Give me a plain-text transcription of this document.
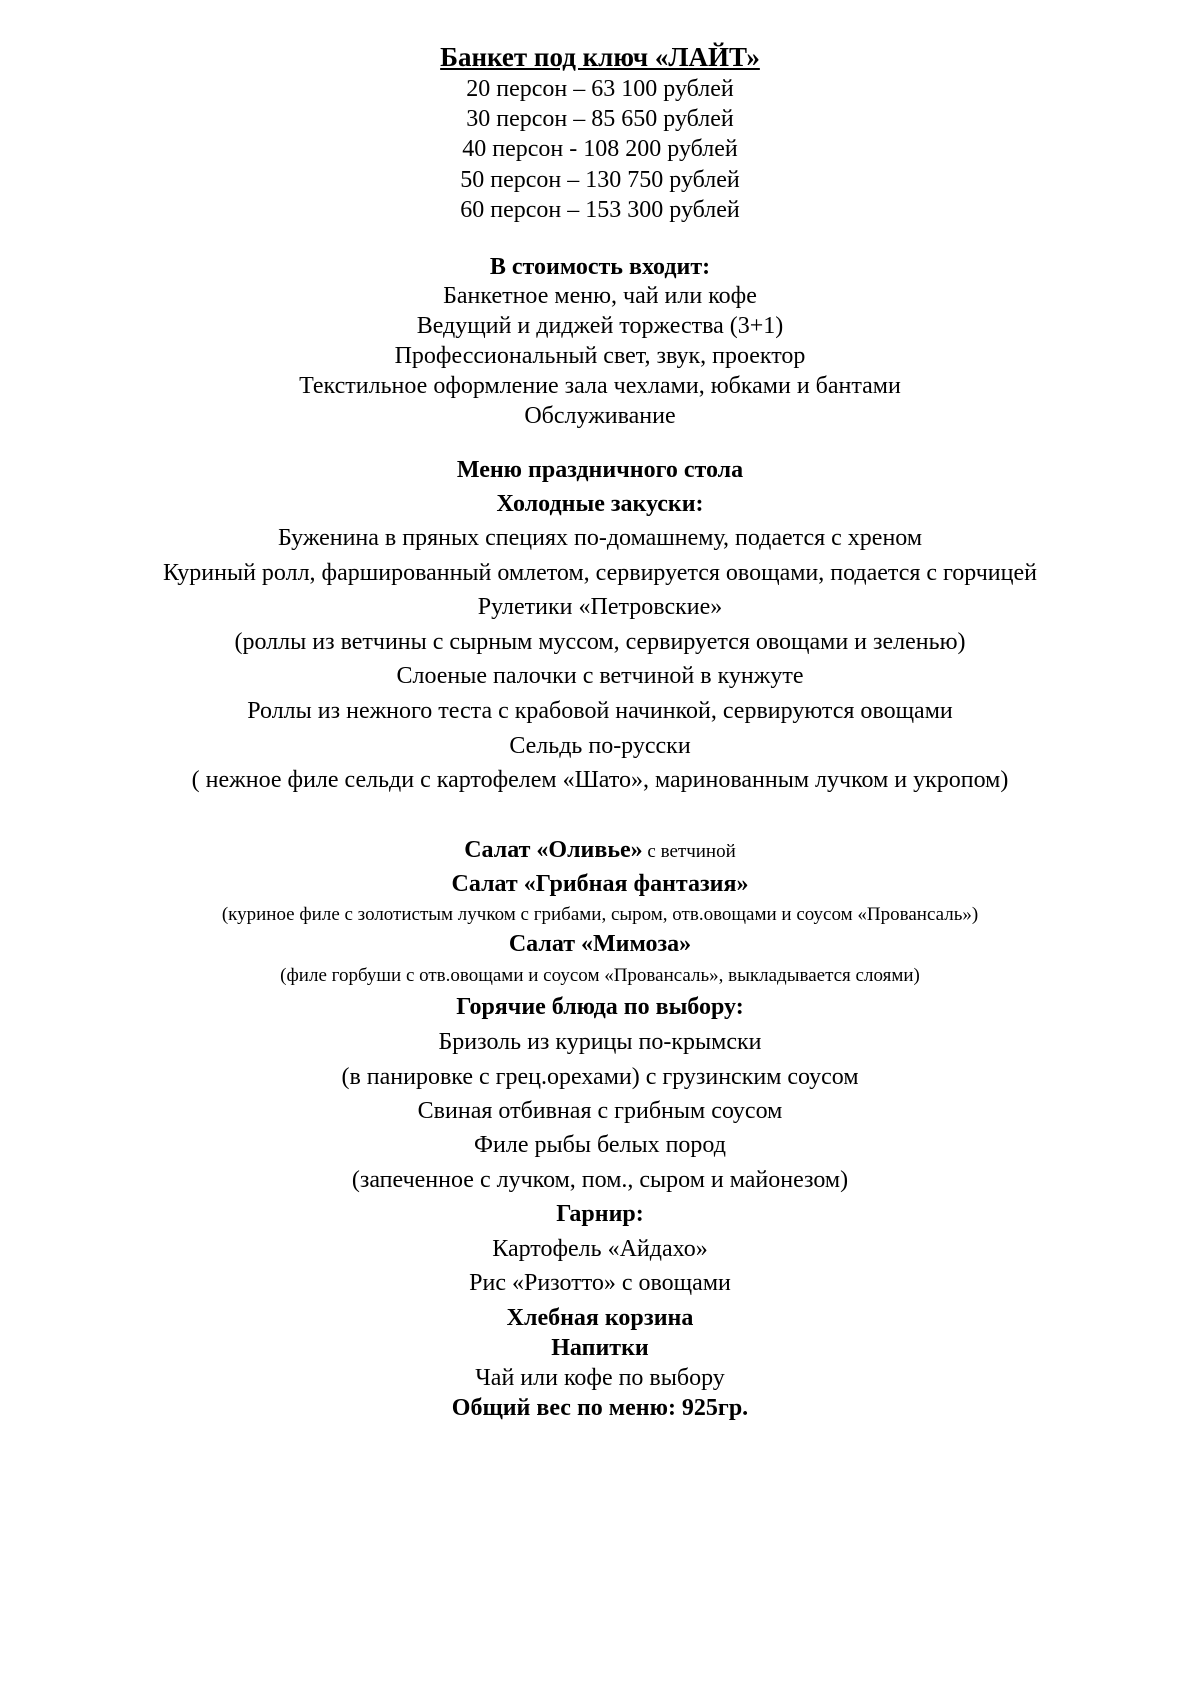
Банкет под ключ «ЛАЙТ»
20 персон – 63 100 рублей
30 персон – 85 650 рублей
40 персон - 108 200 рублей
50 персон – 130 750 рублей
60 персон – 153 300 рублей
В стоимость входит:
Банкетное меню, чай или кофе
Ведущий и диджей торжества (3+1)
Профессиональный свет, звук, проектор
Текстильное оформление зала чехлами, юбками и бантами
Обслуживание
Меню праздничного стола
Холодные закуски:
Буженина в пряных специях по-домашнему, подается с хреном
Куриный ролл, фаршированный омлетом, сервируется овощами, подается с горчицей
Рулетики «Петровские»
(роллы из ветчины с сырным муссом, сервируется овощами и зеленью)
Слоеные палочки с ветчиной в кунжуте
Роллы из нежного теста с крабовой начинкой, сервируются овощами
Сельдь по-русски
( нежное филе сельди с картофелем «Шато», маринованным лучком и укропом)
Салат «Оливье» с ветчиной
Салат «Грибная фантазия»
(куриное филе с золотистым лучком с грибами, сыром, отв.овощами и соусом «Провансаль»)
Салат «Мимоза»
(филе горбуши с отв.овощами и соусом «Провансаль», выкладывается слоями)
Горячие блюда по выбору:
Бризоль из курицы по-крымски
(в панировке с грец.орехами) с грузинским соусом
Свиная отбивная с грибным соусом
Филе рыбы белых пород
(запеченное с лучком, пом., сыром и майонезом)
Гарнир:
Картофель «Айдахо»
Рис «Ризотто» с овощами
Хлебная корзина
Напитки
Чай или кофе по выбору
Общий вес по меню: 925гр.
